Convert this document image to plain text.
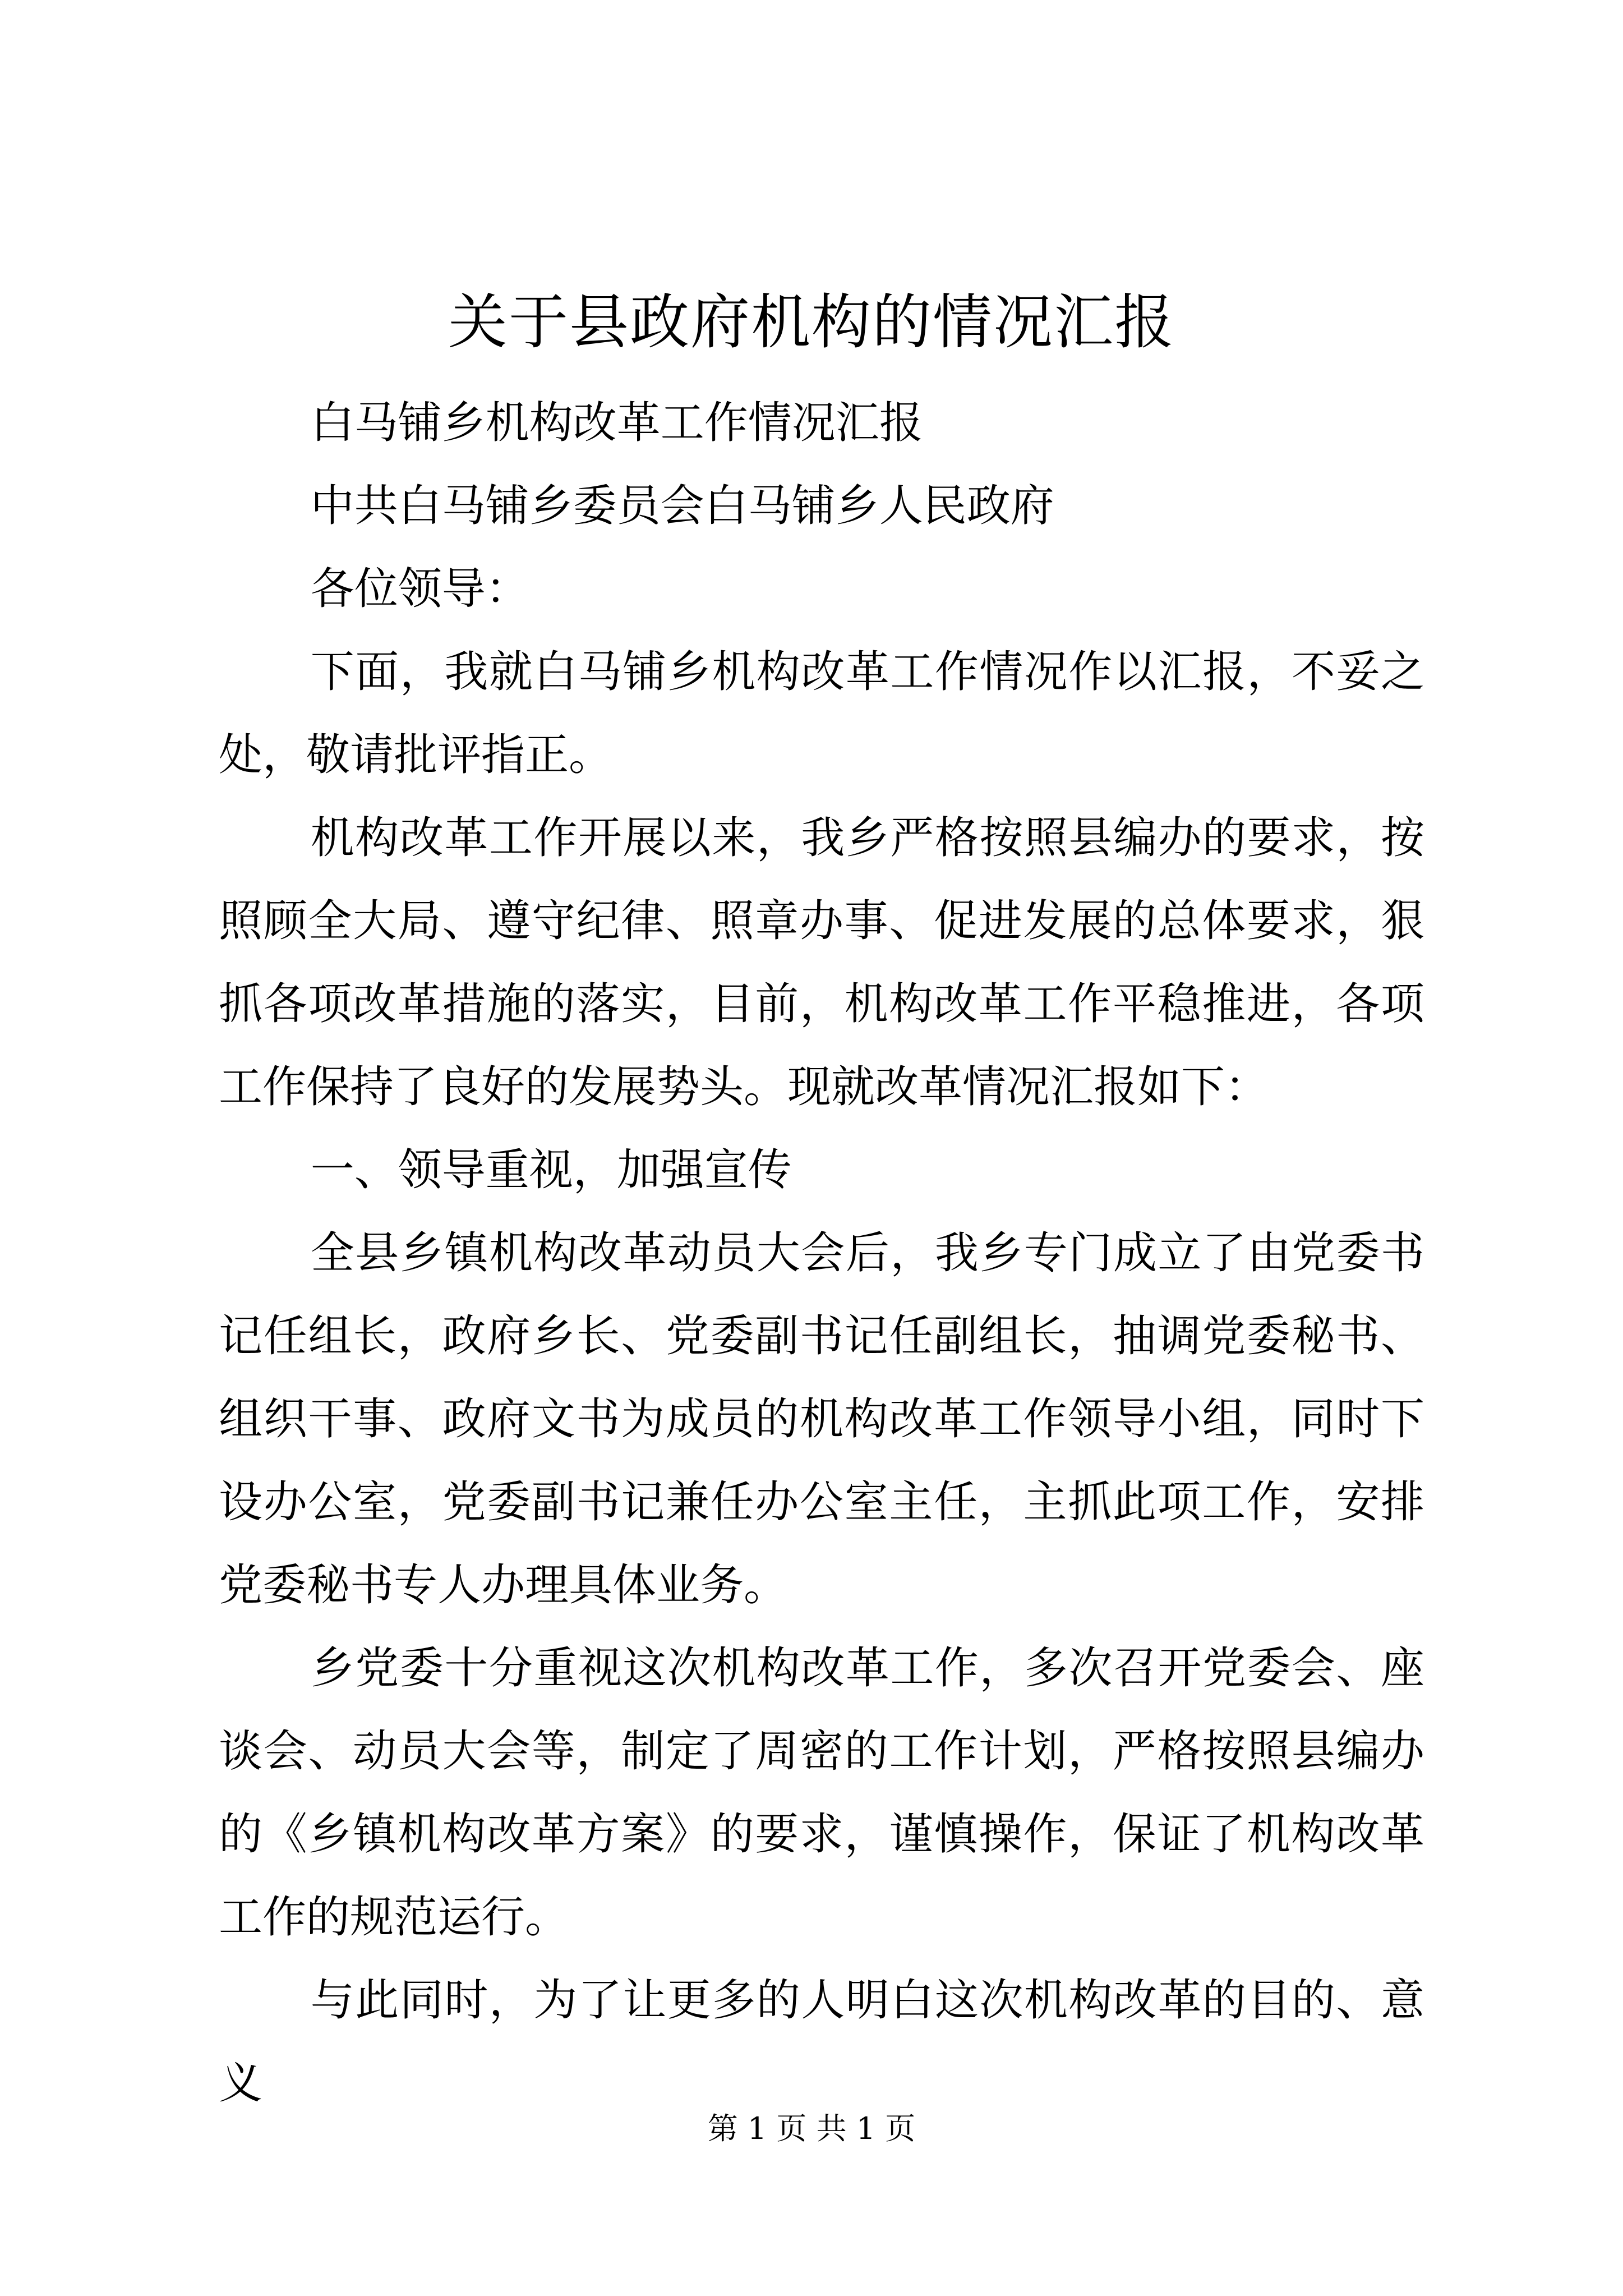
关于县政府机构的情况汇报

白马铺乡机构改革工作情况汇报

中共白马铺乡委员会白马铺乡人民政府

各位领导：

下面，我就白马铺乡机构改革工作情况作以汇报，不妥之处，敬请批评指正。

机构改革工作开展以来，我乡严格按照县编办的要求，按照顾全大局、遵守纪律、照章办事、促进发展的总体要求，狠抓各项改革措施的落实，目前，机构改革工作平稳推进，各项工作保持了良好的发展势头。现就改革情况汇报如下：

一、领导重视，加强宣传

全县乡镇机构改革动员大会后，我乡专门成立了由党委书记任组长，政府乡长、党委副书记任副组长，抽调党委秘书、组织干事、政府文书为成员的机构改革工作领导小组，同时下设办公室，党委副书记兼任办公室主任，主抓此项工作，安排党委秘书专人办理具体业务。

乡党委十分重视这次机构改革工作，多次召开党委会、座谈会、动员大会等，制定了周密的工作计划，严格按照县编办的《乡镇机构改革方案》的要求，谨慎操作，保证了机构改革工作的规范运行。

与此同时，为了让更多的人明白这次机构改革的目的、意义

第 1 页 共 1 页
